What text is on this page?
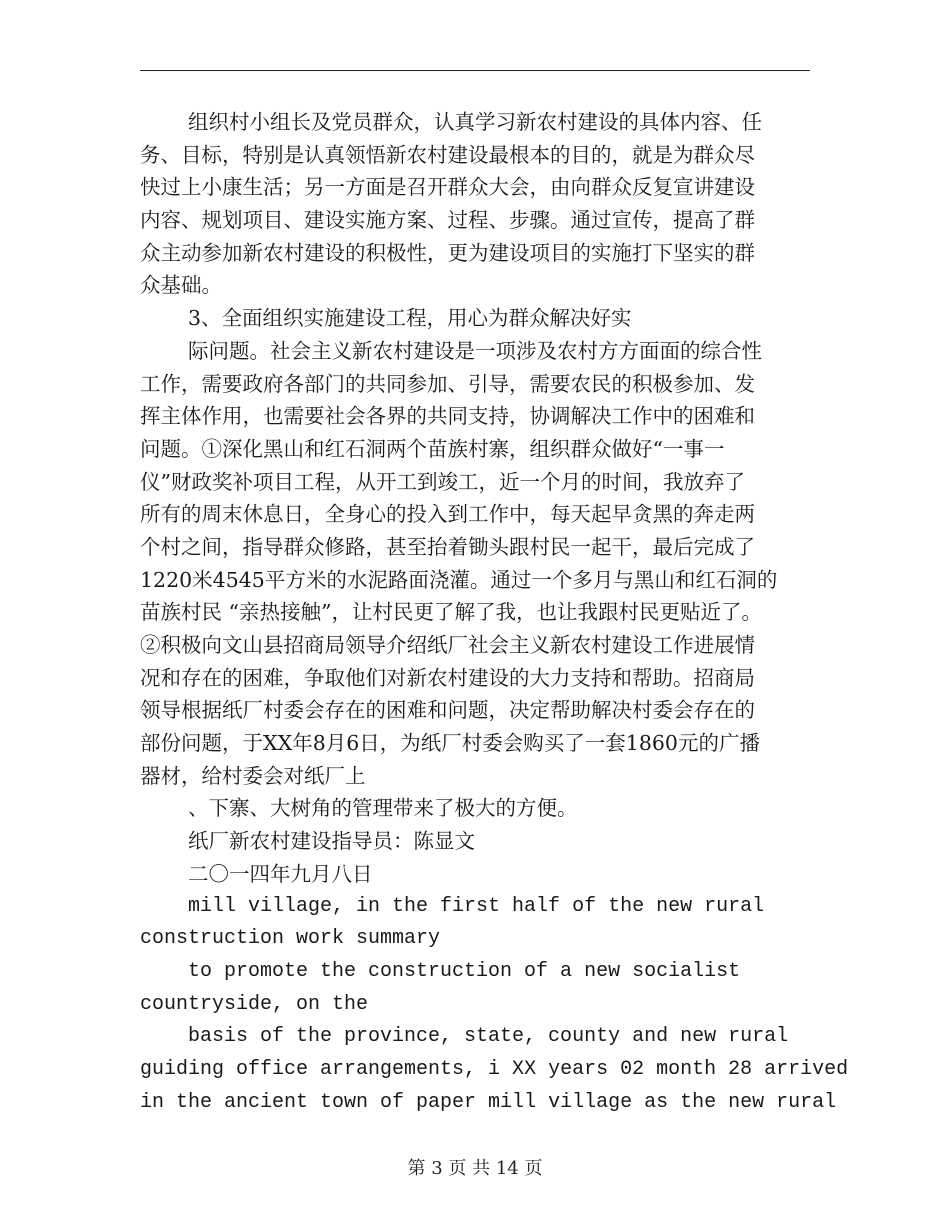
组织村小组长及党员群众，认真学习新农村建设的具体内容、任
务、目标，特别是认真领悟新农村建设最根本的目的，就是为群众尽
快过上小康生活；另一方面是召开群众大会，由向群众反复宣讲建设
内容、规划项目、建设实施方案、过程、步骤。通过宣传，提高了群
众主动参加新农村建设的积极性，更为建设项目的实施打下坚实的群
众基础。
3、全面组织实施建设工程，用心为群众解决好实
际问题。社会主义新农村建设是一项涉及农村方方面面的综合性
工作，需要政府各部门的共同参加、引导，需要农民的积极参加、发
挥主体作用，也需要社会各界的共同支持，协调解决工作中的困难和
问题。①深化黑山和红石洞两个苗族村寨，组织群众做好“一事一
仪”财政奖补项目工程，从开工到竣工，近一个月的时间，我放弃了
所有的周末休息日，全身心的投入到工作中，每天起早贪黑的奔走两
个村之间，指导群众修路，甚至抬着锄头跟村民一起干，最后完成了
1220米4545平方米的水泥路面浇灌。通过一个多月与黑山和红石洞的
苗族村民 “亲热接触”，让村民更了解了我，也让我跟村民更贴近了。
②积极向文山县招商局领导介绍纸厂社会主义新农村建设工作进展情
况和存在的困难，争取他们对新农村建设的大力支持和帮助。招商局
领导根据纸厂村委会存在的困难和问题，决定帮助解决村委会存在的
部份问题，于XX年8月6日，为纸厂村委会购买了一套1860元的广播
器材，给村委会对纸厂上
、下寨、大树角的管理带来了极大的方便。
纸厂新农村建设指导员：陈显文
二〇一四年九月八日
mill village, in the first half of the new rural
construction work summary
to promote the construction of a new socialist
countryside, on the
basis of the province, state, county and new rural
guiding office arrangements, i XX years 02 month 28 arrived
in the ancient town of paper mill village as the new rural
第 3 页 共 14 页
